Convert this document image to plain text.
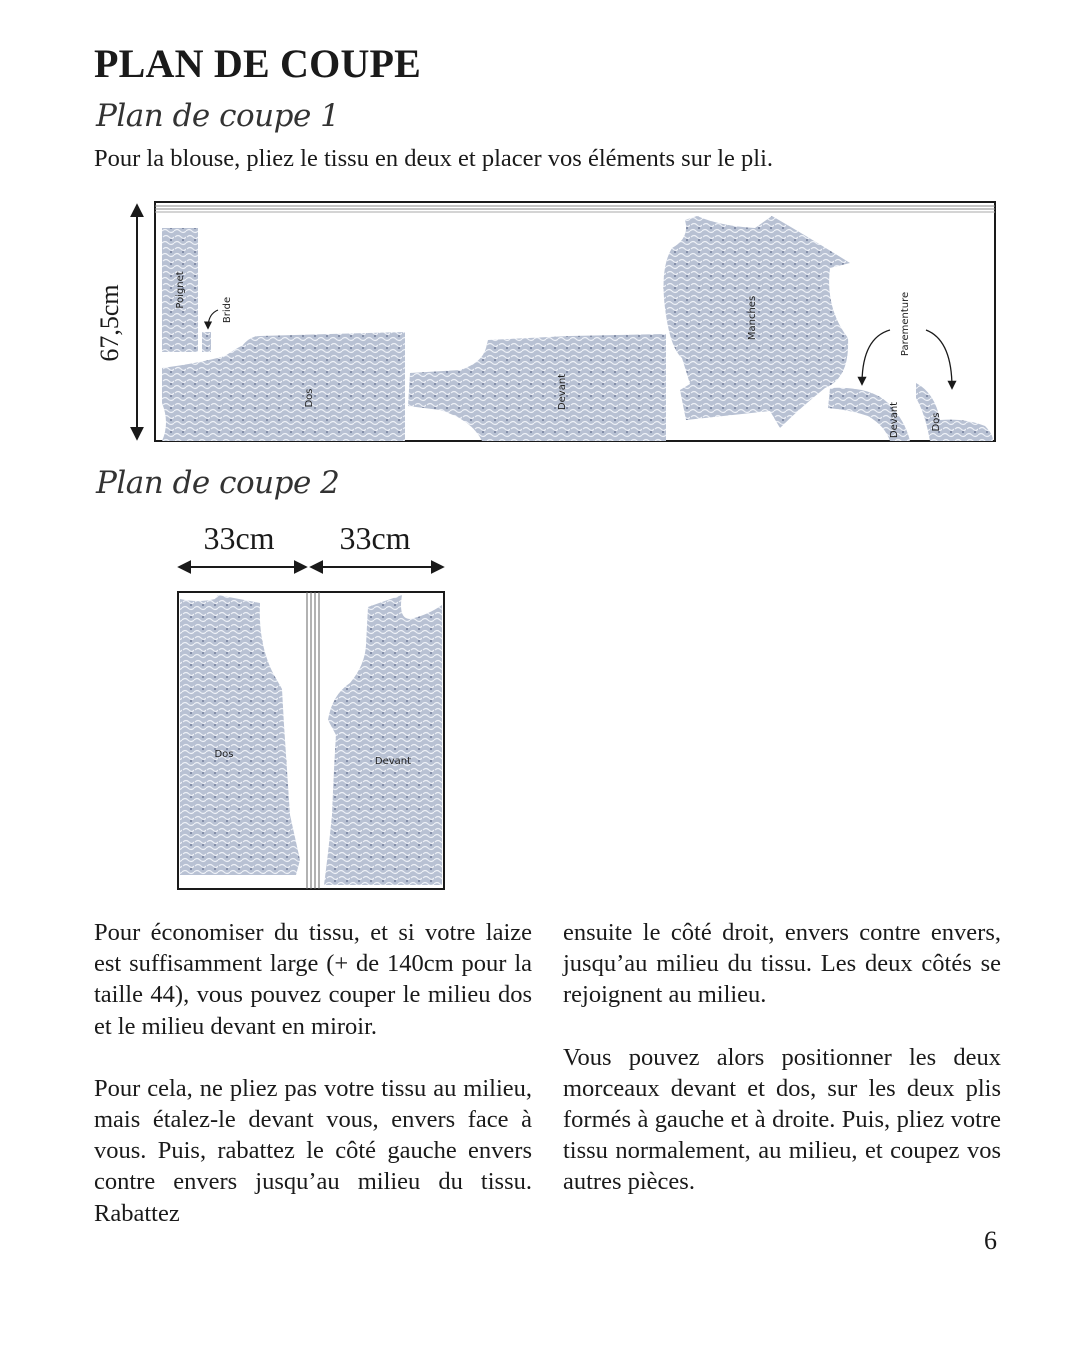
PLAN DE COUPE
Plan de coupe 1
Pour la blouse, pliez le tissu en deux et placer vos éléments sur le pli.
67,5cm	Poignet
Bride
Dos	Devant
Manches	Parementure
Devant	Dos
Plan de coupe 2
33cm 33cm
Dos
Devant

Pour économiser du tissu, et si votre laize est suffisamment large (+ de 140cm pour la taille 44), vous pouvez couper le milieu dos et le milieu devant en miroir.

Pour cela, ne pliez pas votre tissu au milieu, mais étalez-le devant vous, envers face à vous. Puis, rabattez le côté gauche envers contre envers jusqu’au milieu du tissu. Rabattez

ensuite le côté droit, envers contre envers, jusqu’au milieu du tissu. Les deux côtés se rejoignent au milieu.

Vous pouvez alors positionner les deux morceaux devant et dos, sur les deux plis formés à gauche et à droite. Puis, pliez votre tissu normalement, au milieu, et coupez vos autres pièces.

6
